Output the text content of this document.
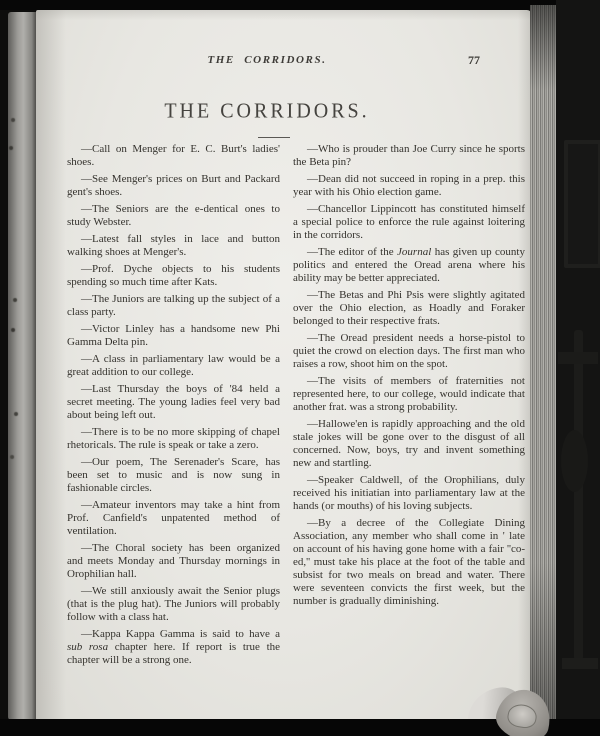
THE CORRIDORS.	77
THE CORRIDORS.

—Call on Menger for E. C. Burt's ladies' shoes.

—See Menger's prices on Burt and Packard gent's shoes.

—The Seniors are the e-dentical ones to study Webster.

—Latest fall styles in lace and button walking shoes at Menger's.

—Prof. Dyche objects to his students spending so much time after Kats.

—The Juniors are talking up the subject of a class party.

—Victor Linley has a handsome new Phi Gamma Delta pin.

—A class in parliamentary law would be a great addition to our college.

—Last Thursday the boys of '84 held a secret meeting. The young ladies feel very bad about being left out.

—There is to be no more skipping of chapel rhetoricals. The rule is speak or take a zero.

—Our poem, The Serenader's Scare, has been set to music and is now sung in fashionable circles.

—Amateur inventors may take a hint from Prof. Canfield's unpatented method of ventilation.

—The Choral society has been organized and meets Monday and Thursday mornings in Orophilian hall.

—We still anxiously await the Senior plugs (that is the plug hat). The Juniors will probably follow with a class hat.

—Kappa Kappa Gamma is said to have a sub rosa chapter here. If report is true the chapter will be a strong one.

—Who is prouder than Joe Curry since he sports the Beta pin?

—Dean did not succeed in roping in a prep. this year with his Ohio election game.

—Chancellor Lippincott has constituted himself a special police to enforce the rule against loitering in the corridors.

—The editor of the Journal has given up county politics and entered the Oread arena where his ability may be better appreciated.

—The Betas and Phi Psis were slightly agitated over the Ohio election, as Hoadly and Foraker belonged to their respective frats.

—The Oread president needs a horse-pistol to quiet the crowd on election days. The first man who raises a row, shoot him on the spot.

—The visits of members of fraternities not represented here, to our college, would indicate that another frat. was a strong probability.

—Hallowe'en is rapidly approaching and the old stale jokes will be gone over to the disgust of all concerned. Now, boys, try and invent something new and startling.

—Speaker Caldwell, of the Orophilians, duly received his initiatian into parliamentary law at the hands (or mouths) of his loving subjects.

—By a decree of the Collegiate Dining Association, any member who shall come in ' late on account of his having gone home with a fair ''co-ed,'' must take his place at the foot of the table and subsist for two meals on bread and water. There were seventeen convicts the first week, but the number is gradually diminishing.
